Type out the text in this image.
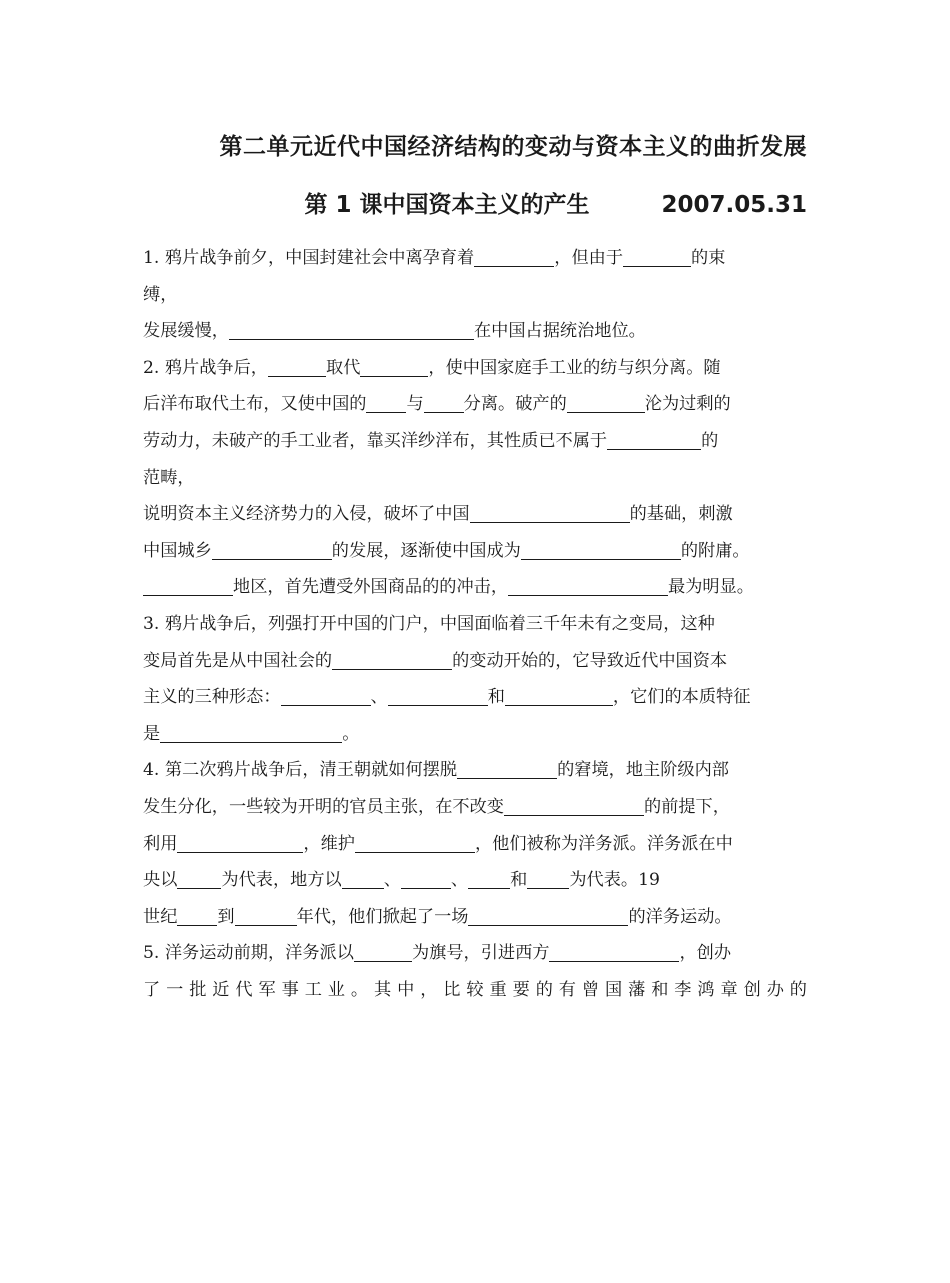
第二单元近代中国经济结构的变动与资本主义的曲折发展
第 1 课中国资本主义的产生	2007.05.31
1. 鸦片战争前夕，中国封建社会中离孕育着	，但由于	的束
缚，
发展缓慢，	在中国占据统治地位。
2. 鸦片战争后，	取代	，使中国家庭手工业的纺与织分离。随
后洋布取代土布，又使中国的 与 分离。破产的	沦为过剩的
劳动力，未破产的手工业者，靠买洋纱洋布，其性质已不属于	的
范畴，
说明资本主义经济势力的入侵，破坏了中国	的基础，刺激
中国城乡	的发展，逐渐使中国成为	的附庸。
地区，首先遭受外国商品的的冲击，	最为明显。
3. 鸦片战争后，列强打开中国的门户，中国面临着三千年未有之变局，这种
变局首先是从中国社会的	的变动开始的，它导致近代中国资本
主义的三种形态：	、	和	，它们的本质特征
是	。
4. 第二次鸦片战争后，清王朝就如何摆脱	的窘境，地主阶级内部
发生分化，一些较为开明的官员主张，在不改变	的前提下，
利用	，维护	，他们被称为洋务派。洋务派在中
央以	为代表，地方以 、	、 和 为代表。19
世纪 到	年代，他们掀起了一场	的洋务运动。
5. 洋务运动前期，洋务派以	为旗号，引进西方	，创办
了一批近代军事工业。其中，比较重要的有曾国藩和李鸿章创办的
